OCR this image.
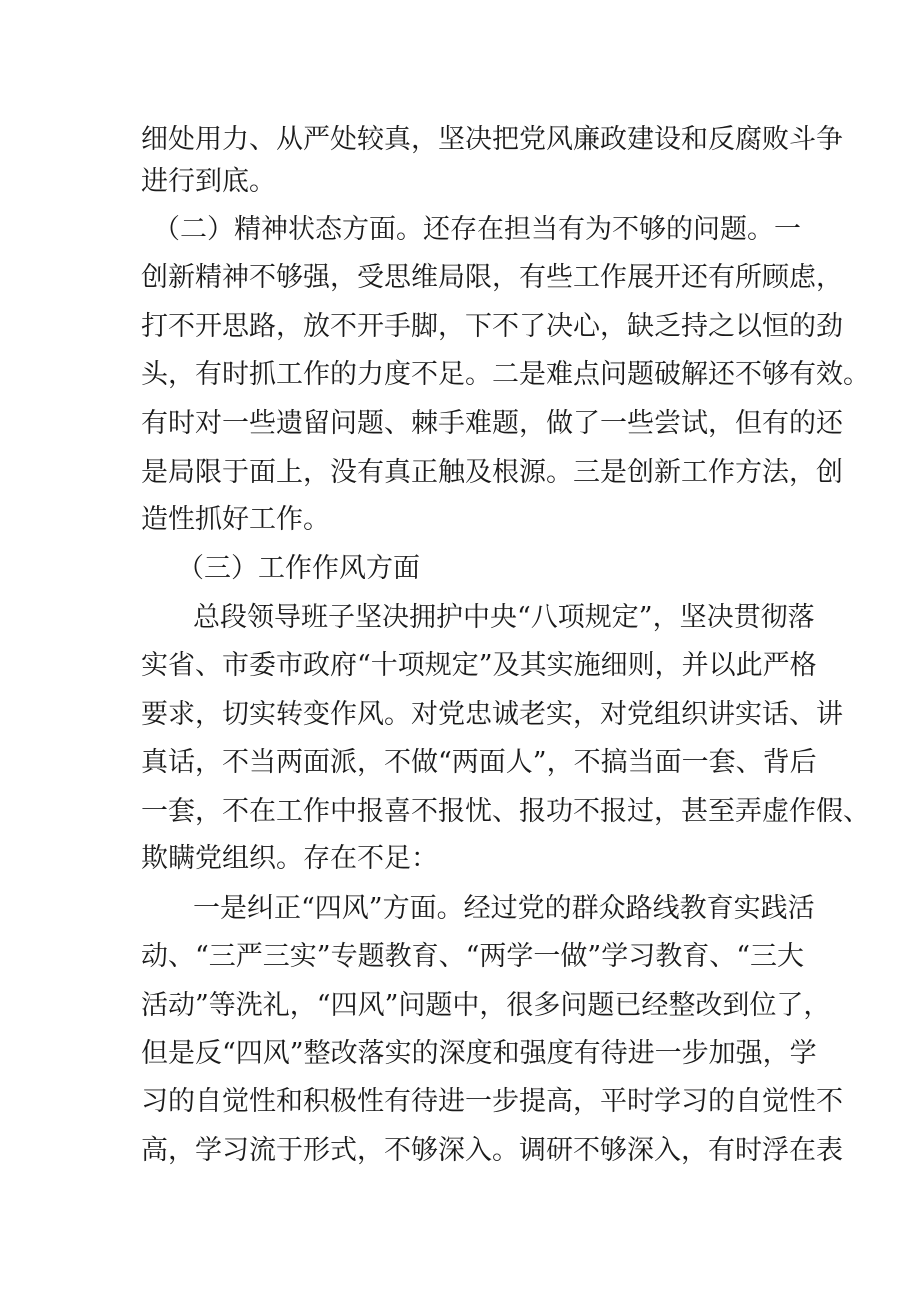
细处用力、从严处较真，坚决把党风廉政建设和反腐败斗争
进行到底。
（二）精神状态方面。还存在担当有为不够的问题。一
创新精神不够强，受思维局限，有些工作展开还有所顾虑，
打不开思路，放不开手脚，下不了决心，缺乏持之以恒的劲
头，有时抓工作的力度不足。二是难点问题破解还不够有效。
有时对一些遗留问题、棘手难题，做了一些尝试，但有的还
是局限于面上，没有真正触及根源。三是创新工作方法，创
造性抓好工作。
（三）工作作风方面
总段领导班子坚决拥护中央“八项规定”，坚决贯彻落
实省、市委市政府“十项规定”及其实施细则，并以此严格
要求，切实转变作风。对党忠诚老实，对党组织讲实话、讲
真话，不当两面派，不做“两面人”，不搞当面一套、背后
一套，不在工作中报喜不报忧、报功不报过，甚至弄虚作假、
欺瞒党组织。存在不足：
一是纠正“四风”方面。经过党的群众路线教育实践活
动、“三严三实”专题教育、“两学一做”学习教育、“三大
活动”等洗礼，“四风”问题中，很多问题已经整改到位了，
但是反“四风”整改落实的深度和强度有待进一步加强，学
习的自觉性和积极性有待进一步提高，平时学习的自觉性不
高，学习流于形式，不够深入。调研不够深入，有时浮在表
